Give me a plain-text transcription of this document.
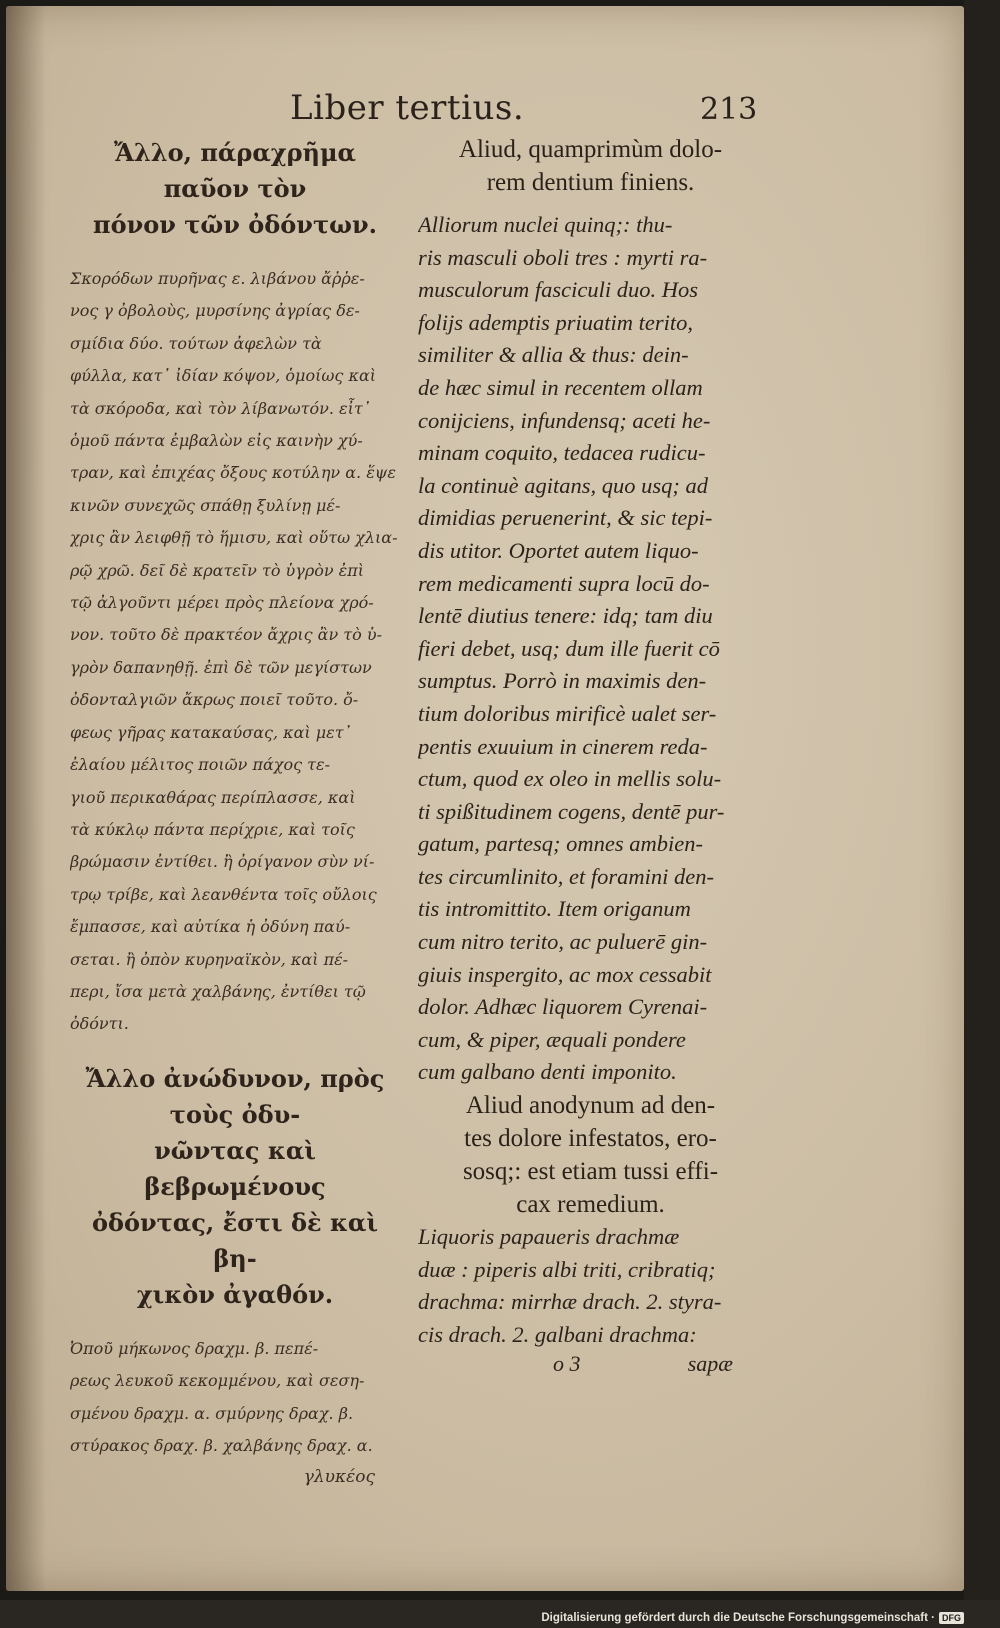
Liber tertius.	213

Ἄλλο, πάραχρῆμα παῦον τὸν

πόνον τῶν ὀδόντων.

Σκορόδων πυρῆνας ε. λιβάνου ἄῤῥε-

νος γ ὀβολοὺς, μυρσίνης ἀγρίας δε-

σμίδια δύο. τούτων ἀφελὼν τὰ

φύλλα, κατ᾿ ἰδίαν κόψον, ὁμοίως καὶ

τὰ σκόροδα, καὶ τὸν λίβανωτόν. εἶτ᾿

ὁμοῦ πάντα ἐμβαλὼν εἰς καινὴν χύ-

τραν, καὶ ἐπιχέας ὄξους κοτύλην α. ἕψε

κινῶν συνεχῶς σπάθῃ ξυλίνῃ μέ-

χρις ἂν λειφθῇ τὸ ἥμισυ, καὶ οὕτω χλια-

ρῷ χρῶ. δεῖ δὲ κρατεῖν τὸ ὑγρὸν ἐπὶ

τῷ ἀλγοῦντι μέρει πρὸς πλείονα χρό-

νον. τοῦτο δὲ πρακτέον ἄχρις ἂν τὸ ὑ-

γρὸν δαπανηθῇ. ἐπὶ δὲ τῶν μεγίστων

ὀδονταλγιῶν ἄκρως ποιεῖ τοῦτο. ὄ-

φεως γῆρας κατακαύσας, καὶ μετ᾿

ἐλαίου μέλιτος ποιῶν πάχος τε-

γιοῦ περικαθάρας περίπλασσε, καὶ

τὰ κύκλῳ πάντα περίχριε, καὶ τοῖς

βρώμασιν ἐντίθει. ἢ ὀρίγανον σὺν νί-

τρῳ τρίβε, καὶ λεανθέντα τοῖς οὔλοις

ἔμπασσε, καὶ αὐτίκα ἡ ὀδύνη παύ-

σεται. ἢ ὀπὸν κυρηναϊκὸν, καὶ πέ-

περι, ἴσα μετὰ χαλβάνης, ἐντίθει τῷ

ὀδόντι.

Ἄλλο ἀνώδυνον, πρὸς τοὺς ὀδυ-

νῶντας καὶ βεβρωμένους

ὀδόντας, ἔστι δὲ καὶ βη-

χικὸν ἀγαθόν.

Ὀποῦ μήκωνος δραχμ. β. πεπέ-

ρεως λευκοῦ κεκομμένου, καὶ σεση-

σμένου δραχμ. α. σμύρνης δραχ. β.

στύρακος δραχ. β. χαλβάνης δραχ. α.

γλυκέος

Aliud, quamprimùm dolo-

rem dentium finiens.

Alliorum nuclei quinq;: thu-

ris masculi oboli tres : myrti ra-

musculorum fasciculi duo. Hos

folijs ademptis priuatim terito,

similiter & allia & thus: dein-

de hæc simul in recentem ollam

conijciens, infundensq; aceti he-

minam coquito, tedacea rudicu-

la continuè agitans, quo usq; ad

dimidias peruenerint, & sic tepi-

dis utitor. Oportet autem liquo-

rem medicamenti supra locū do-

lentē diutius tenere: idq; tam diu

fieri debet, usq; dum ille fuerit cō

sumptus. Porrò in maximis den-

tium doloribus mirificè ualet ser-

pentis exuuium in cinerem reda-

ctum, quod ex oleo in mellis solu-

ti spißitudinem cogens, dentē pur-

gatum, partesq; omnes ambien-

tes circumlinito, et foramini den-

tis intromittito. Item origanum

cum nitro terito, ac puluerē gin-

giuis inspergito, ac mox cessabit

dolor. Adhæc liquorem Cyrenai-

cum, & piper, æquali pondere

cum galbano denti imponito.

Aliud anodynum ad den-

tes dolore infestatos, ero-

sosq;: est etiam tussi effi-

cax remedium.

Liquoris papaueris drachmæ

duæ : piperis albi triti, cribratiq;

drachma: mirrhæ drach. 2. styra-

cis drach. 2. galbani drachma:

o 3	sapæ
Digitalisierung gefördert durch die Deutsche Forschungsgemeinschaft · DFG
